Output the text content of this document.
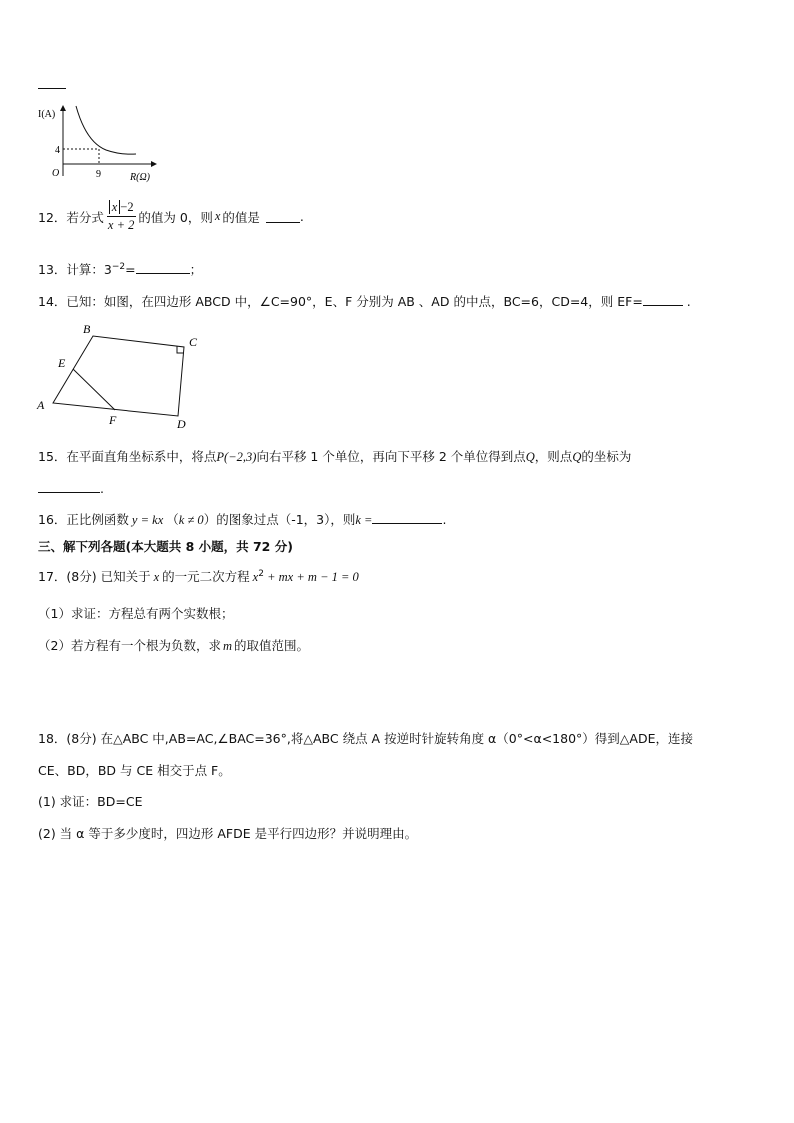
I(A)
R(Ω)
O
4
9
12．若分式 $\frac{x -2}{x + 2}$ 的值为 0，则 x 的值是	.
13．计算：$3^{-2}=$	；
14．已知：如图，在四边形 ABCD 中，∠C=90°，E、F 分别为 AB 、AD 的中点，BC=6，CD=4，则 EF=	.
A
B
C
D
E
F
15．在平面直角坐标系中，将点P(−2,3)向右平移 1 个单位，再向下平移 2 个单位得到点Q，则点Q的坐标为
.
16．正比例函数 y = kx （k ≠ 0）的图象过点（-1，3），则k =	.
三、解下列各题(本大题共 8 小题，共 72 分)
17．(8分) 已知关于 x 的一元二次方程 $x^2$ + mx + m − 1 = 0
（1）求证：方程总有两个实数根；
（2）若方程有一个根为负数，求 m 的取值范围。
18．(8分) 在△ABC 中,AB=AC,∠BAC=36°,将△ABC 绕点 A 按逆时针旋转角度 α（0°<α<180°）得到△ADE，连接
CE、BD，BD 与 CE 相交于点 F。
(1) 求证：BD=CE
(2) 当 α 等于多少度时，四边形 AFDE 是平行四边形？并说明理由。
